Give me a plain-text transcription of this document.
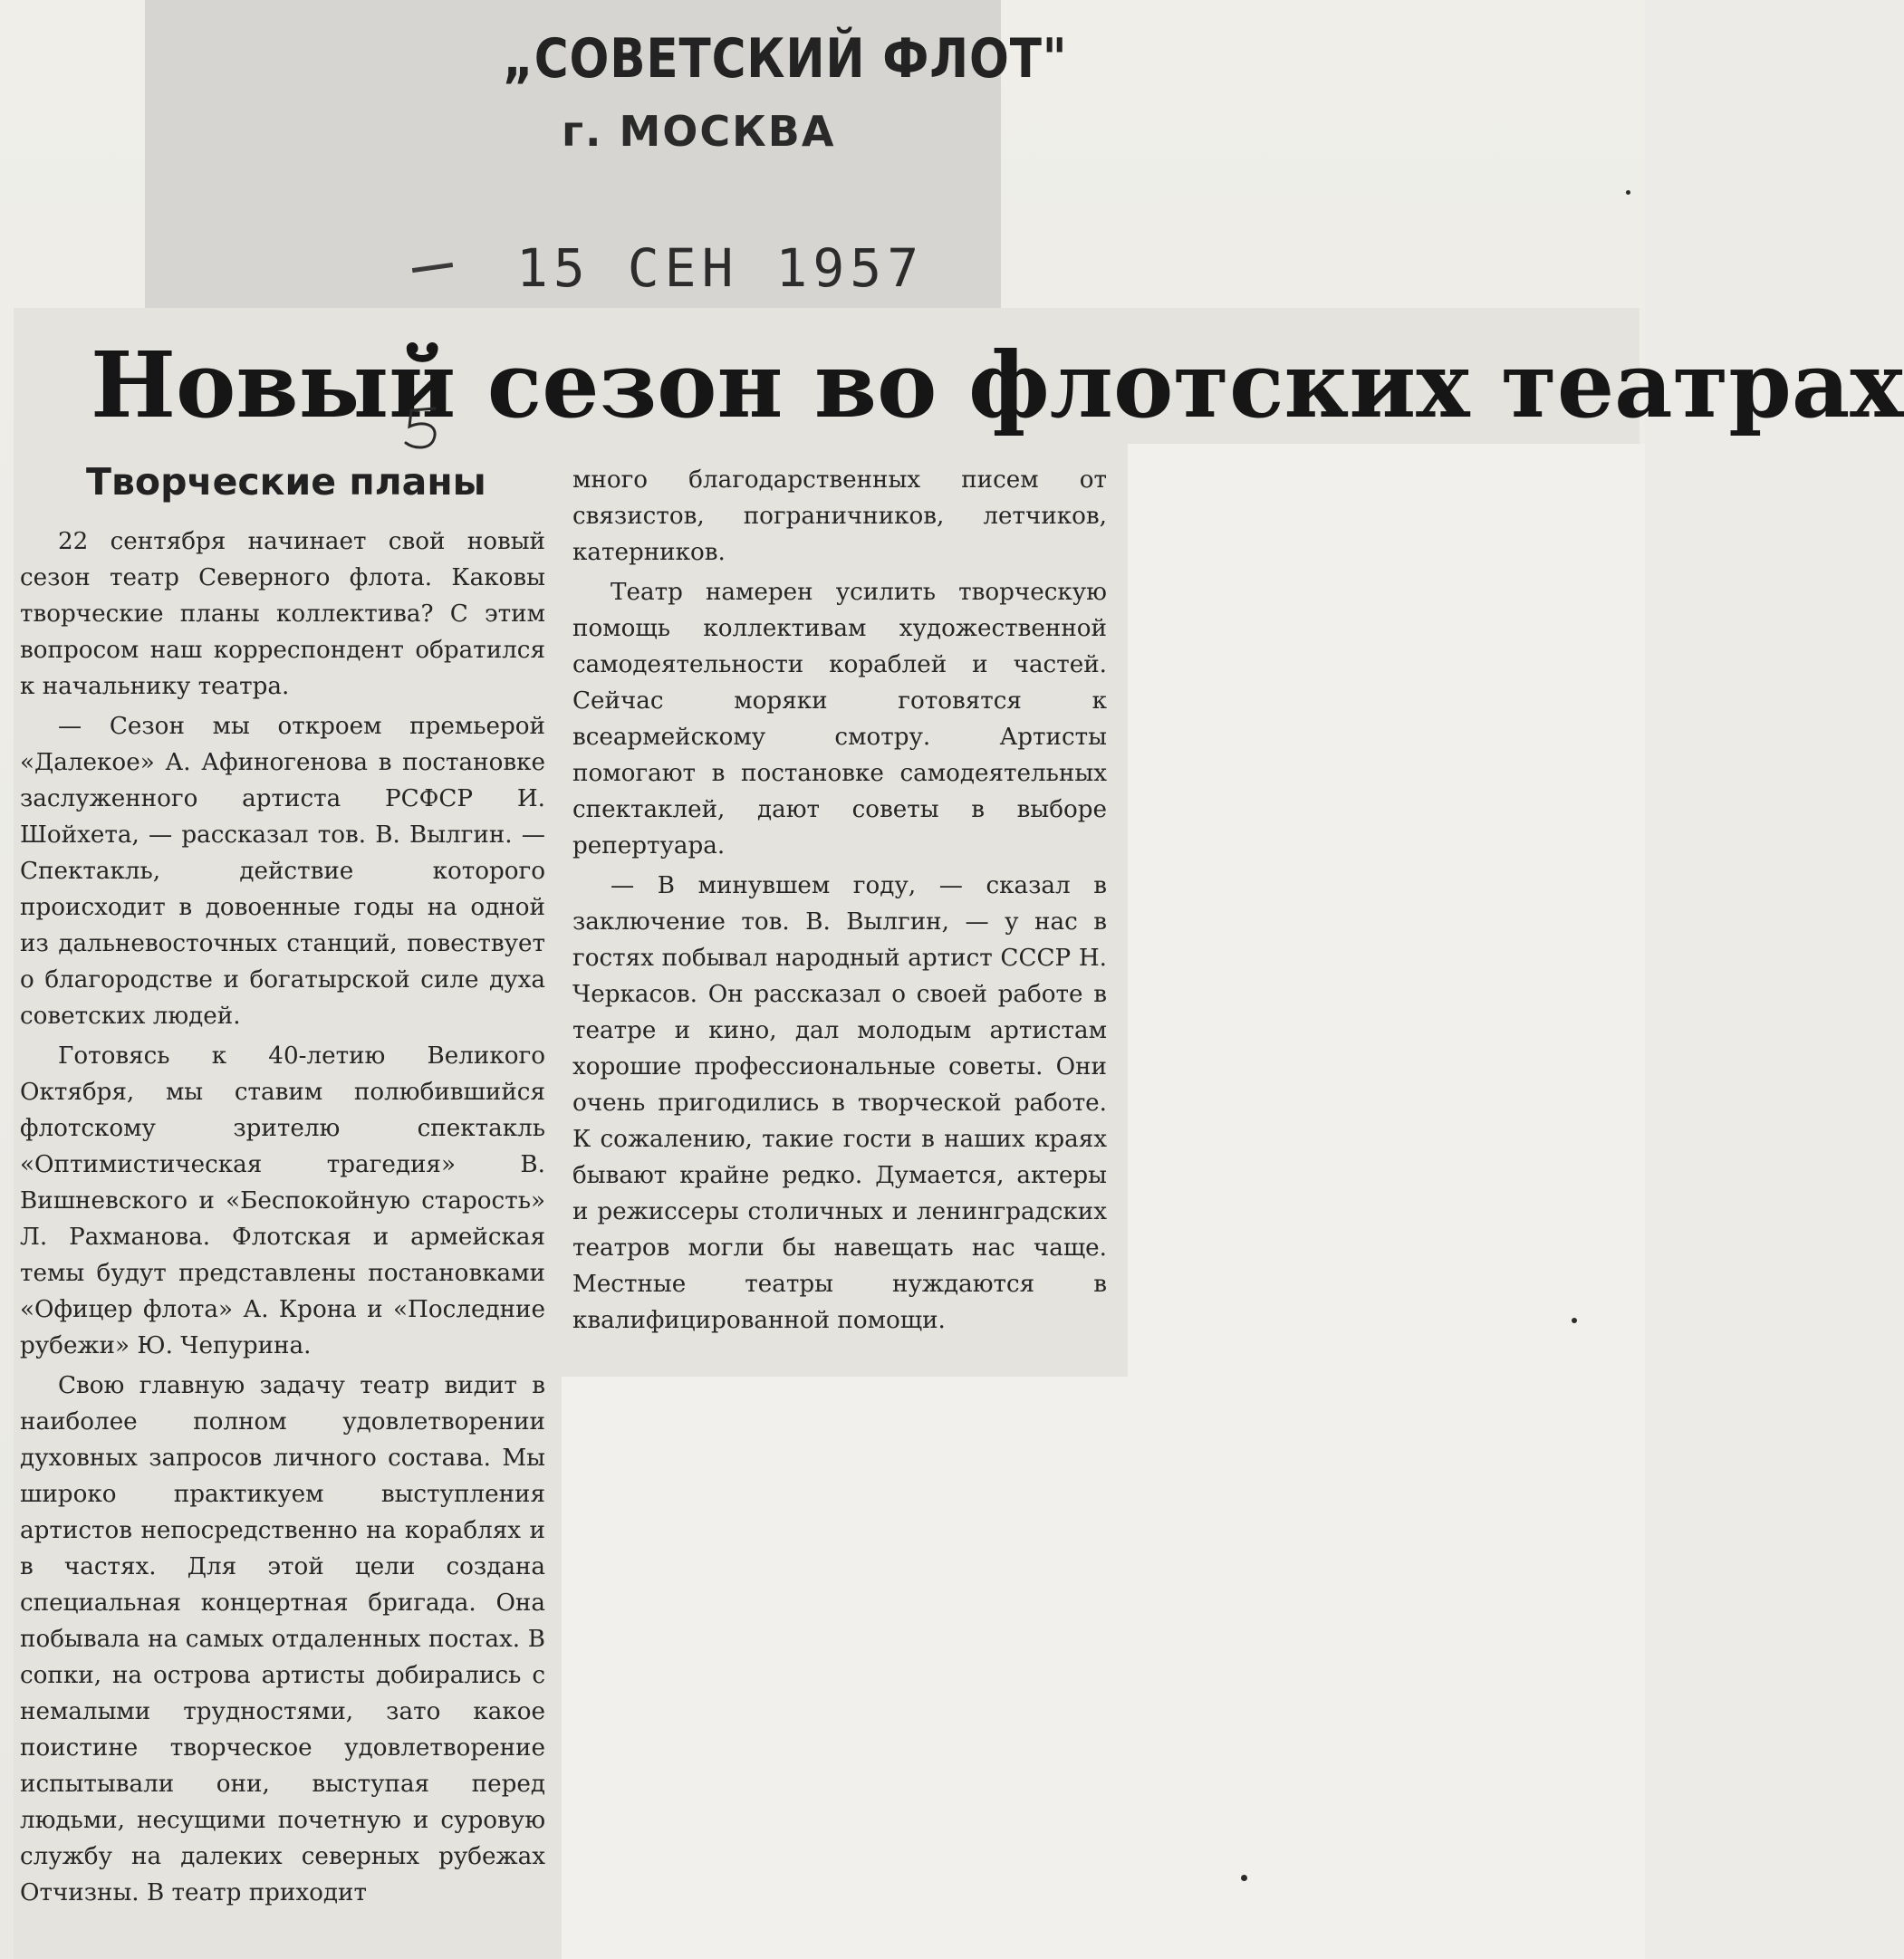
„СОВЕТСКИЙ ФЛОТ"
г. МОСКВА
15 СЕН 1957
Новый сезон во флотских театрах
Творческие планы

22 сентября начинает свой новый сезон театр Северного флота. Каковы творческие планы коллектива? С этим вопросом наш корреспондент обратился к начальнику театра.

— Сезон мы откроем премьерой «Далекое» А. Афиногенова в постановке заслуженного артиста РСФСР И. Шойхета, — рассказал тов. В. Вылгин. — Спектакль, действие которого происходит в довоенные годы на одной из дальневосточных станций, повествует о благородстве и богатырской силе духа советских людей.

Готовясь к 40-летию Великого Октября, мы ставим полюбившийся флотскому зрителю спектакль «Оптимистическая трагедия» В. Вишневского и «Беспокойную старость» Л. Рахманова. Флотская и армейская темы будут представлены постановками «Офицер флота» А. Крона и «Последние рубежи» Ю. Чепурина.

Свою главную задачу театр видит в наиболее полном удовлетворении духовных запросов личного состава. Мы широко практикуем выступления артистов непосредственно на кораблях и в частях. Для этой цели создана специальная концертная бригада. Она побывала на самых отдаленных постах. В сопки, на острова артисты добирались с немалыми трудностями, зато какое поистине творческое удовлетворение испытывали они, выступая перед людьми, несущими почетную и суровую службу на далеких северных рубежах Отчизны. В театр приходит

много благодарственных писем от связистов, пограничников, летчиков, катерников.

Театр намерен усилить творческую помощь коллективам художественной самодеятельности кораблей и частей. Сейчас моряки готовятся к всеармейскому смотру. Артисты помогают в постановке самодеятельных спектаклей, дают советы в выборе репертуара.

— В минувшем году, — сказал в заключение тов. В. Вылгин, — у нас в гостях побывал народный артист СССР Н. Черкасов. Он рассказал о своей работе в театре и кино, дал молодым артистам хорошие профессиональные советы. Они очень пригодились в творческой работе. К сожалению, такие гости в наших краях бывают крайне редко. Думается, актеры и режиссеры столичных и ленинградских театров могли бы навещать нас чаще. Местные театры нуждаются в квалифицированной помощи.
